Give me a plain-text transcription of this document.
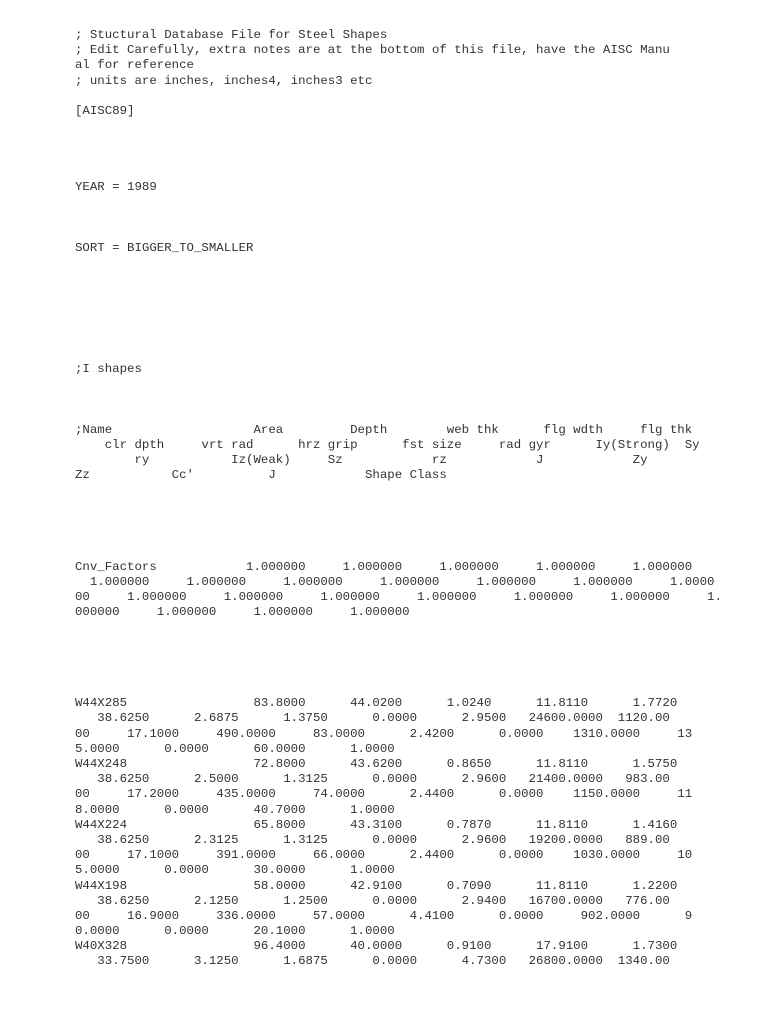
; Stuctural Database File for Steel Shapes
; Edit Carefully, extra notes are at the bottom of this file, have the AISC Manu
al for reference
; units are inches, inches4, inches3 etc
[AISC89]
YEAR = 1989
SORT = BIGGER_TO_SMALLER
;I shapes
;Name                   Area         Depth        web thk      flg wdth     flg thk
clr dpth     vrt rad      hrz grip      fst size     rad gyr      Iy(Strong)  Sy
ry           Iz(Weak)     Sz            rz            J            Zy
Zz           Cc'          J            Shape Class
Cnv_Factors            1.000000     1.000000     1.000000     1.000000     1.000000
1.000000     1.000000     1.000000     1.000000     1.000000     1.000000     1.0000
00     1.000000     1.000000     1.000000     1.000000     1.000000     1.000000     1.
000000     1.000000     1.000000     1.000000
W44X285                 83.8000      44.0200      1.0240      11.8110      1.7720
38.6250      2.6875      1.3750      0.0000      2.9500   24600.0000  1120.00
00     17.1000     490.0000     83.0000      2.4200      0.0000    1310.0000     13
5.0000      0.0000      60.0000      1.0000
W44X248                 72.8000      43.6200      0.8650      11.8110      1.5750
38.6250      2.5000      1.3125      0.0000      2.9600   21400.0000   983.00
00     17.2000     435.0000     74.0000      2.4400      0.0000    1150.0000     11
8.0000      0.0000      40.7000      1.0000
W44X224                 65.8000      43.3100      0.7870      11.8110      1.4160
38.6250      2.3125      1.3125      0.0000      2.9600   19200.0000   889.00
00     17.1000     391.0000     66.0000      2.4400      0.0000    1030.0000     10
5.0000      0.0000      30.0000      1.0000
W44X198                 58.0000      42.9100      0.7090      11.8110      1.2200
38.6250      2.1250      1.2500      0.0000      2.9400   16700.0000   776.00
00     16.9000     336.0000     57.0000      4.4100      0.0000     902.0000      9
0.0000      0.0000      20.1000      1.0000
W40X328                 96.4000      40.0000      0.9100      17.9100      1.7300
33.7500      3.1250      1.6875      0.0000      4.7300   26800.0000  1340.00
